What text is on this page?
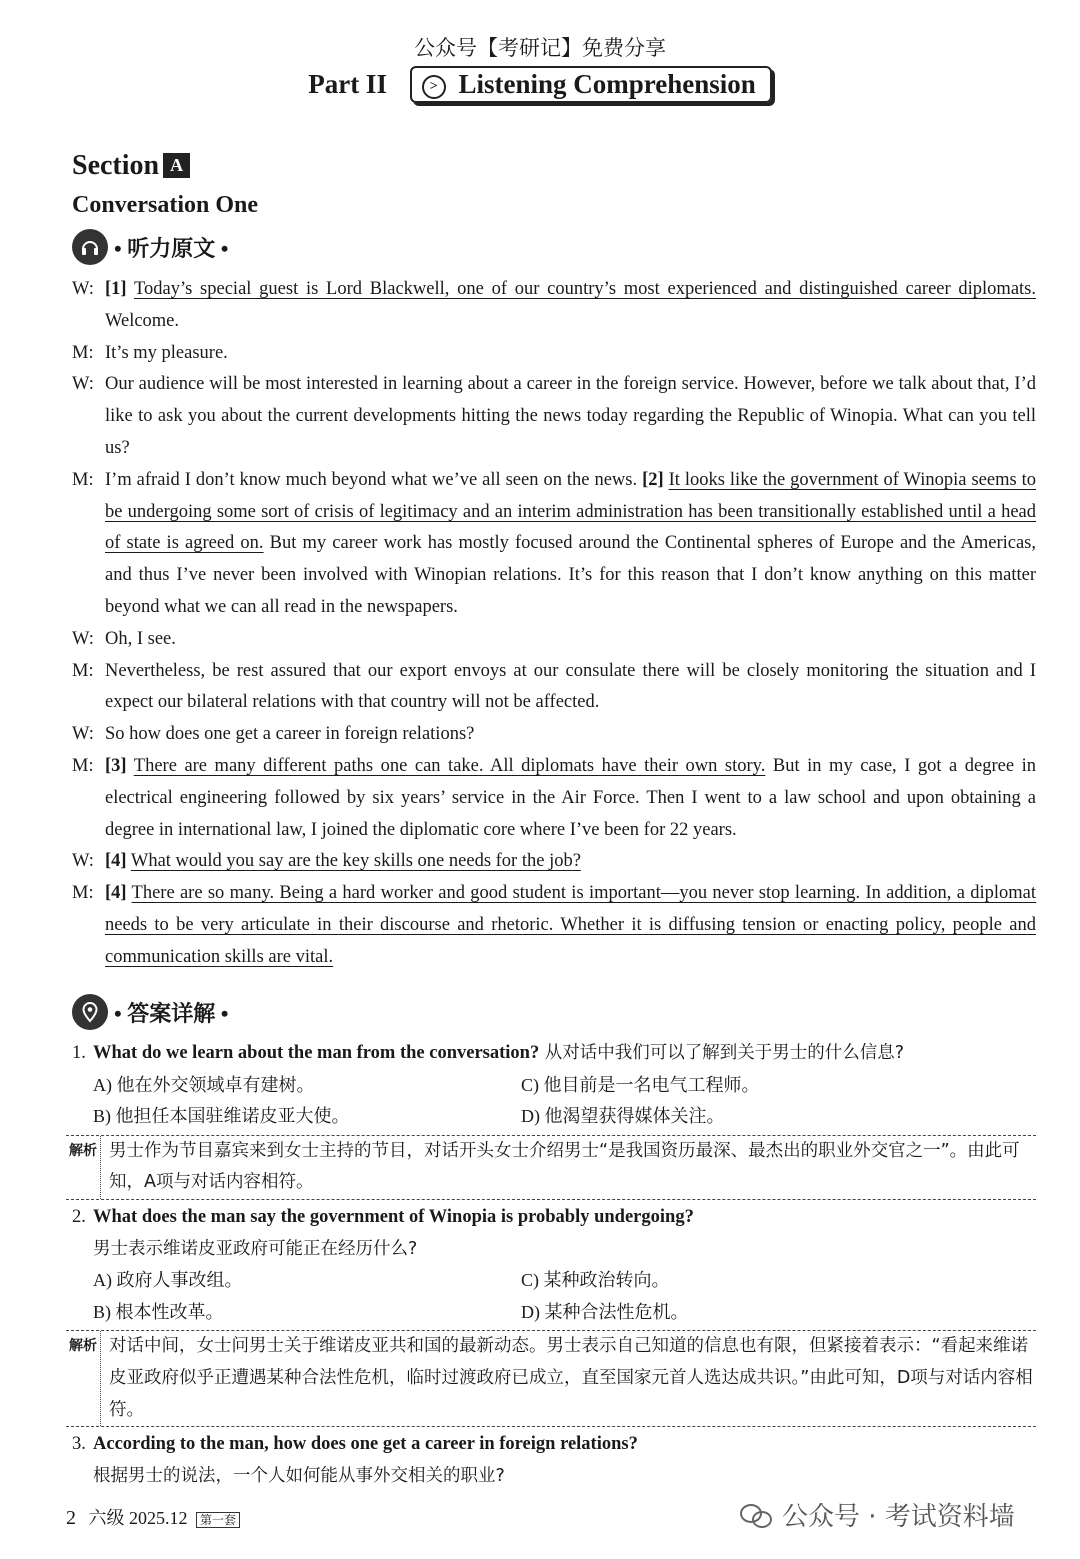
公众号【考研记】免费分享
Part II	> Listening Comprehension
Section A
Conversation One
• 听力原文 •
W: [1] Today’s special guest is Lord Blackwell, one of our country’s most experienced and distinguished career diplomats. Welcome.
M: It’s my pleasure.
W: Our audience will be most interested in learning about a career in the foreign service. However, before we talk about that, I’d like to ask you about the current developments hitting the news today regarding the Republic of Winopia. What can you tell us?
M: I’m afraid I don’t know much beyond what we’ve all seen on the news. [2] It looks like the government of Winopia seems to be undergoing some sort of crisis of legitimacy and an interim administration has been transitionally established until a head of state is agreed on. But my career work has mostly focused around the Continental spheres of Europe and the Americas, and thus I’ve never been involved with Winopian relations. It’s for this reason that I don’t know anything on this matter beyond what we can all read in the newspapers.
W: Oh, I see.
M: Nevertheless, be rest assured that our export envoys at our consulate there will be closely monitoring the situation and I expect our bilateral relations with that country will not be affected.
W: So how does one get a career in foreign relations?
M: [3] There are many different paths one can take. All diplomats have their own story. But in my case, I got a degree in electrical engineering followed by six years’ service in the Air Force. Then I went to a law school and upon obtaining a degree in international law, I joined the diplomatic core where I’ve been for 22 years.
W: [4] What would you say are the key skills one needs for the job?
M: [4] There are so many. Being a hard worker and good student is important—you never stop learning. In addition, a diplomat needs to be very articulate in their discourse and rhetoric. Whether it is diffusing tension or enacting policy, people and communication skills are vital.
• 答案详解 •
1. What do we learn about the man from the conversation? 从对话中我们可以了解到关于男士的什么信息?
A) 他在外交领域卓有建树。	C) 他目前是一名电气工程师。
B) 他担任本国驻维诺皮亚大使。	D) 他渴望获得媒体关注。
解析 男士作为节目嘉宾来到女士主持的节目，对话开头女士介绍男士“是我国资历最深、最杰出的职业外交官之一”。由此可知，A项与对话内容相符。
2. What does the man say the government of Winopia is probably undergoing?
男士表示维诺皮亚政府可能正在经历什么?
A) 政府人事改组。	C) 某种政治转向。
B) 根本性改革。	D) 某种合法性危机。
解析 对话中间，女士问男士关于维诺皮亚共和国的最新动态。男士表示自己知道的信息也有限，但紧接着表示：“看起来维诺皮亚政府似乎正遭遇某种合法性危机，临时过渡政府已成立，直至国家元首人选达成共识。”由此可知，D项与对话内容相符。
3. According to the man, how does one get a career in foreign relations?
根据男士的说法，一个人如何能从事外交相关的职业?
2 六级 2025.12 第一套	公众号 · 考试资料墙
